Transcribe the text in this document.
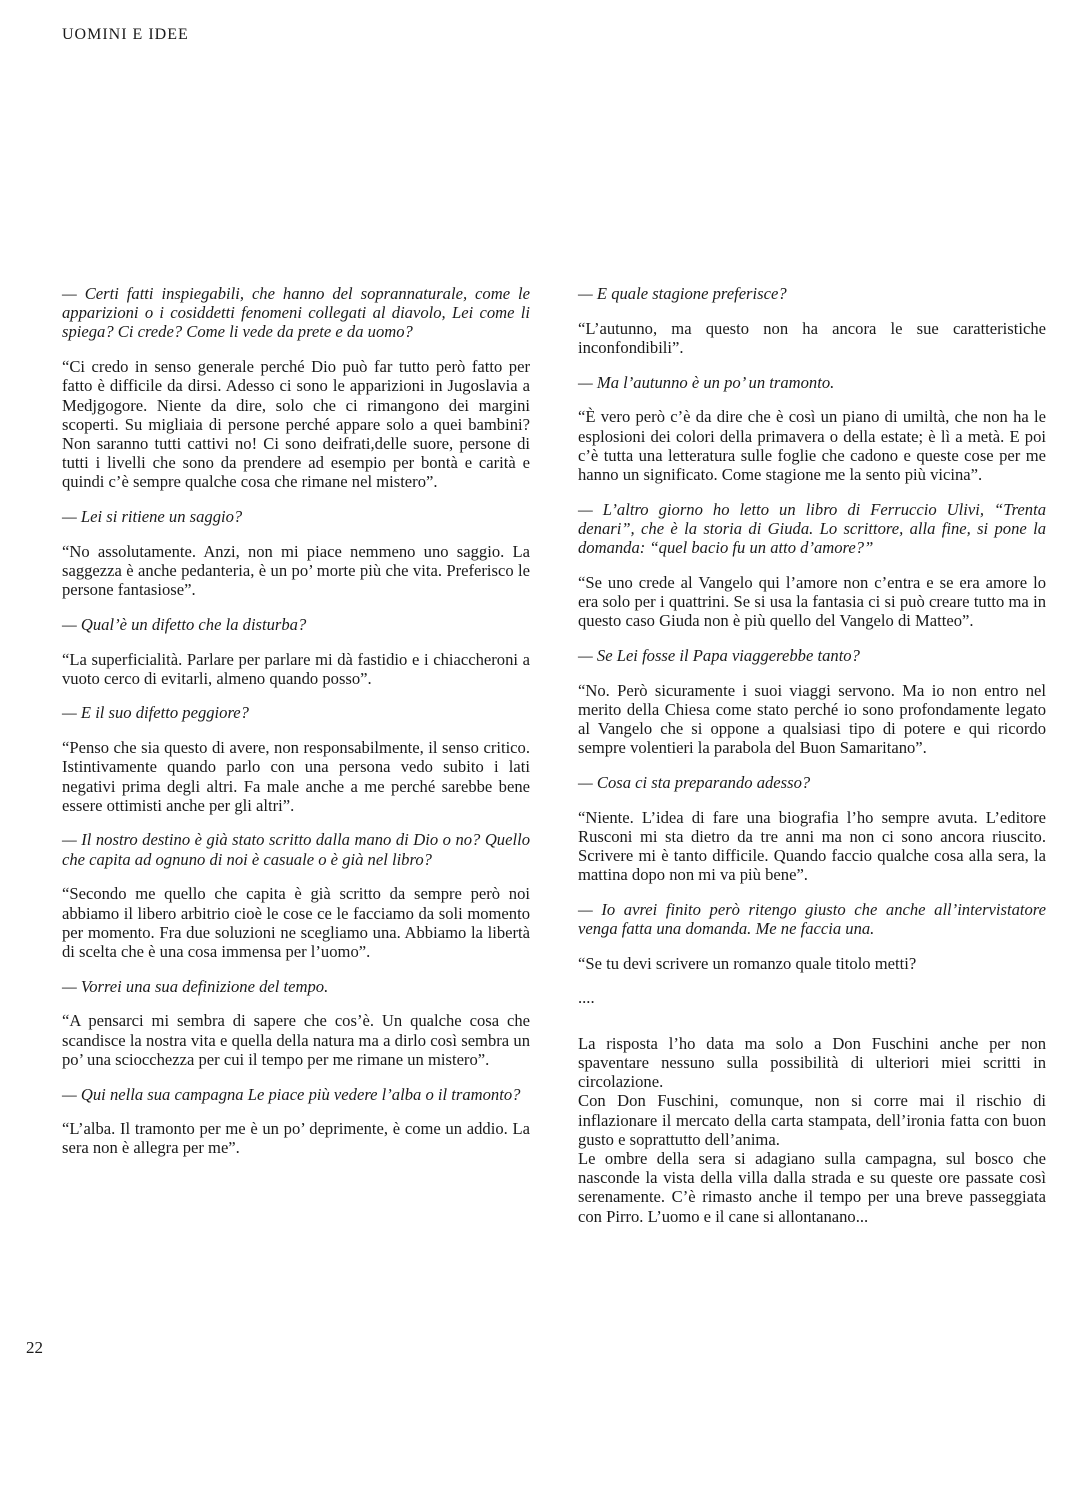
UOMINI E IDEE

— Certi fatti inspiegabili, che hanno del soprannaturale, come le apparizioni o i cosiddetti fenomeni collegati al diavolo, Lei come li spiega? Ci crede? Come li vede da prete e da uomo?

“Ci credo in senso generale perché Dio può far tutto però fatto per fatto è difficile da dirsi. Adesso ci sono le apparizioni in Jugoslavia a Medjgogore. Niente da dire, solo che ci rimangono dei margini scoperti. Su migliaia di persone perché appare solo a quei bambini? Non saranno tutti cattivi no! Ci sono deifrati,delle suore, persone di tutti i livelli che sono da prendere ad esempio per bontà e carità e quindi c’è sempre qualche cosa che rimane nel mistero”.

— Lei si ritiene un saggio?

“No assolutamente. Anzi, non mi piace nemmeno uno saggio. La saggezza è anche pedanteria, è un po’ morte più che vita. Preferisco le persone fantasiose”.

— Qual’è un difetto che la disturba?

“La superficialità. Parlare per parlare mi dà fastidio e i chiaccheroni a vuoto cerco di evitarli, almeno quando posso”.

— E il suo difetto peggiore?

“Penso che sia questo di avere, non responsabilmente, il senso critico. Istintivamente quando parlo con una persona vedo subito i lati negativi prima degli altri. Fa male anche a me perché sarebbe bene essere ottimisti anche per gli altri”.

— Il nostro destino è già stato scritto dalla mano di Dio o no? Quello che capita ad ognuno di noi è casuale o è già nel libro?

“Secondo me quello che capita è già scritto da sempre però noi abbiamo il libero arbitrio cioè le cose ce le facciamo da soli momento per momento. Fra due soluzioni ne scegliamo una. Abbiamo la libertà di scelta che è una cosa immensa per l’uomo”.

— Vorrei una sua definizione del tempo.

“A pensarci mi sembra di sapere che cos’è. Un qualche cosa che scandisce la nostra vita e quella della natura ma a dirlo così sembra un po’ una sciocchezza per cui il tempo per me rimane un mistero”.

— Qui nella sua campagna Le piace più vedere l’alba o il tramonto?

“L’alba. Il tramonto per me è un po’ deprimente, è come un addio. La sera non è allegra per me”.

— E quale stagione preferisce?

“L’autunno, ma questo non ha ancora le sue caratteristiche inconfondibili”.

— Ma l’autunno è un po’ un tramonto.

“È vero però c’è da dire che è così un piano di umiltà, che non ha le esplosioni dei colori della primavera o della estate; è lì a metà. E poi c’è tutta una letteratura sulle foglie che cadono e queste cose per me hanno un significato. Come stagione me la sento più vicina”.

— L’altro giorno ho letto un libro di Ferruccio Ulivi, “Trenta denari”, che è la storia di Giuda. Lo scrittore, alla fine, si pone la domanda: “quel bacio fu un atto d’amore?”

“Se uno crede al Vangelo qui l’amore non c’entra e se era amore lo era solo per i quattrini. Se si usa la fantasia ci si può creare tutto ma in questo caso Giuda non è più quello del Vangelo di Matteo”.

— Se Lei fosse il Papa viaggerebbe tanto?

“No. Però sicuramente i suoi viaggi servono. Ma io non entro nel merito della Chiesa come stato perché io sono profondamente legato al Vangelo che si oppone a qualsiasi tipo di potere e qui ricordo sempre volentieri la parabola del Buon Samaritano”.

— Cosa ci sta preparando adesso?

“Niente. L’idea di fare una biografia l’ho sempre avuta. L’editore Rusconi mi sta dietro da tre anni ma non ci sono ancora riuscito. Scrivere mi è tanto difficile. Quando faccio qualche cosa alla sera, la mattina dopo non mi va più bene”.

— Io avrei finito però ritengo giusto che anche all’intervistatore venga fatta una domanda. Me ne faccia una.

“Se tu devi scrivere un romanzo quale titolo metti?

....

La risposta l’ho data ma solo a Don Fuschini anche per non spaventare nessuno sulla possibilità di ulteriori miei scritti in circolazione.

Con Don Fuschini, comunque, non si corre mai il rischio di inflazionare il mercato della carta stampata, dell’ironia fatta con buon gusto e soprattutto dell’anima.

Le ombre della sera si adagiano sulla campagna, sul bosco che nasconde la vista della villa dalla strada e su queste ore passate così serenamente. C’è rimasto anche il tempo per una breve passeggiata con Pirro. L’uomo e il cane si allontanano...

22
